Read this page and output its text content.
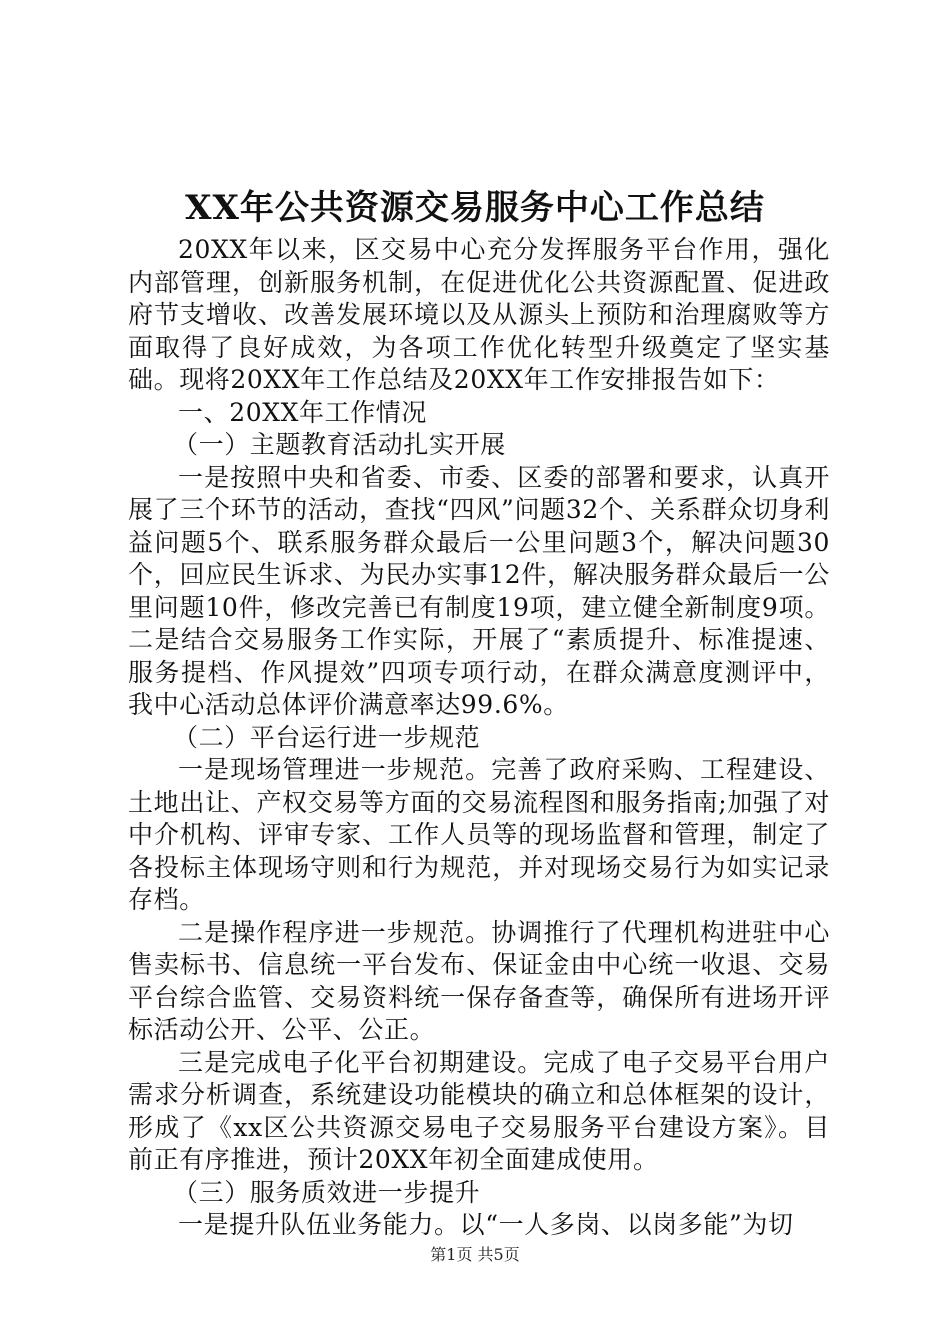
XX年公共资源交易服务中心工作总结

20XX年以来，区交易中心充分发挥服务平台作用，强化内部管理，创新服务机制，在促进优化公共资源配置、促进政府节支增收、改善发展环境以及从源头上预防和治理腐败等方面取得了良好成效，为各项工作优化转型升级奠定了坚实基础。现将20XX年工作总结及20XX年工作安排报告如下：

一、20XX年工作情况

（一）主题教育活动扎实开展

一是按照中央和省委、市委、区委的部署和要求，认真开展了三个环节的活动，查找“四风”问题32个、关系群众切身利益问题5个、联系服务群众最后一公里问题3个，解决问题30个，回应民生诉求、为民办实事12件，解决服务群众最后一公里问题10件，修改完善已有制度19项，建立健全新制度9项。二是结合交易服务工作实际，开展了“素质提升、标准提速、服务提档、作风提效”四项专项行动，在群众满意度测评中，我中心活动总体评价满意率达99.6%。

（二）平台运行进一步规范

一是现场管理进一步规范。完善了政府采购、工程建设、土地出让、产权交易等方面的交易流程图和服务指南;加强了对中介机构、评审专家、工作人员等的现场监督和管理，制定了各投标主体现场守则和行为规范，并对现场交易行为如实记录存档。

二是操作程序进一步规范。协调推行了代理机构进驻中心售卖标书、信息统一平台发布、保证金由中心统一收退、交易平台综合监管、交易资料统一保存备查等，确保所有进场开评标活动公开、公平、公正。

三是完成电子化平台初期建设。完成了电子交易平台用户需求分析调查，系统建设功能模块的确立和总体框架的设计，形成了《xx区公共资源交易电子交易服务平台建设方案》。目前正有序推进，预计20XX年初全面建成使用。

（三）服务质效进一步提升

一是提升队伍业务能力。以“一人多岗、以岗多能”为切

第1页 共5页
